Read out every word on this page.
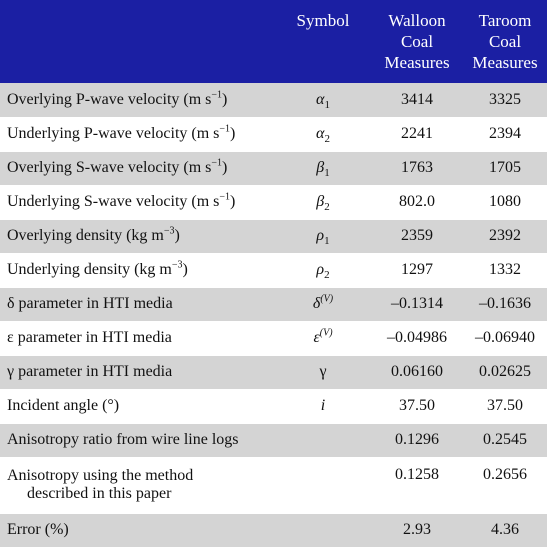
	Symbol	Walloon Coal Measures	Taroom Coal Measures
Overlying P-wave velocity (m $s^{-1}$)	$\alpha_1$	3414	3325
Underlying P-wave velocity (m $s^{-1}$)	$\alpha_2$	2241	2394
Overlying S-wave velocity (m $s^{-1}$)	$\beta_1$	1763	1705
Underlying S-wave velocity (m $s^{-1}$)	$\beta_2$	802.0	1080
Overlying density (kg $m^{-3}$)	$\rho_1$	2359	2392
Underlying density (kg $m^{-3}$)	$\rho_2$	1297	1332
δ parameter in HTI media	$\delta^{(V)}$	–0.1314	–0.1636
ε parameter in HTI media	$\varepsilon^{(V)}$	–0.04986	–0.06940
γ parameter in HTI media	γ	0.06160	0.02625
Incident angle (°)	i	37.50	37.50
Anisotropy ratio from wire line logs		0.1296	0.2545

Anisotropy using the method
described in this paper		0.1258	0.2656
Error (%)		2.93	4.36
